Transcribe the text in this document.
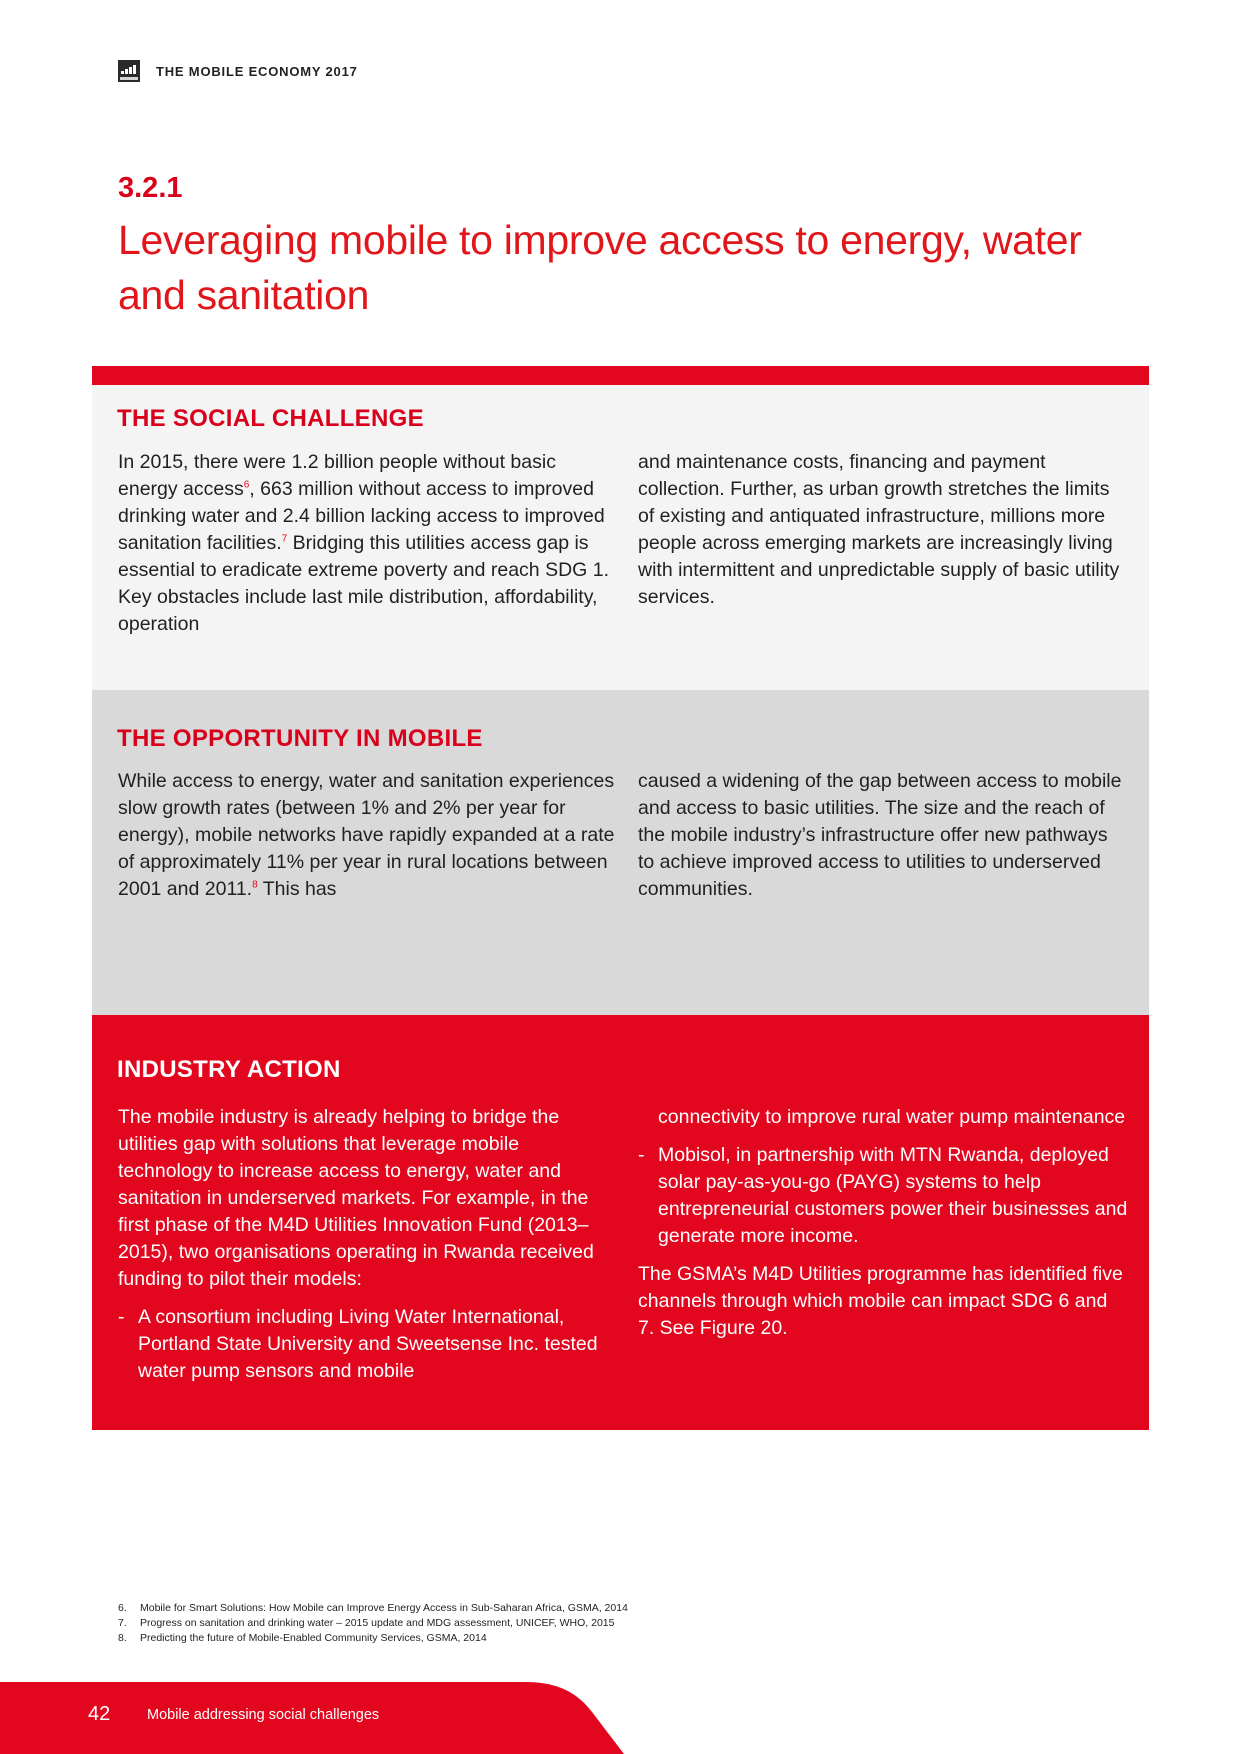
THE MOBILE ECONOMY 2017
3.2.1
Leveraging mobile to improve access to energy, water and sanitation
THE SOCIAL CHALLENGE
In 2015, there were 1.2 billion people without basic energy access$^6$, 663 million without access to improved drinking water and 2.4 billion lacking access to improved sanitation facilities.$^7$ Bridging this utilities access gap is essential to eradicate extreme poverty and reach SDG 1. Key obstacles include last mile distribution, affordability, operation
and maintenance costs, financing and payment collection. Further, as urban growth stretches the limits of existing and antiquated infrastructure, millions more people across emerging markets are increasingly living with intermittent and unpredictable supply of basic utility services.
THE OPPORTUNITY IN MOBILE
While access to energy, water and sanitation experiences slow growth rates (between 1% and 2% per year for energy), mobile networks have rapidly expanded at a rate of approximately 11% per year in rural locations between 2001 and 2011.$^8$ This has
caused a widening of the gap between access to mobile and access to basic utilities. The size and the reach of the mobile industry’s infrastructure offer new pathways to achieve improved access to utilities to underserved communities.
INDUSTRY ACTION
The mobile industry is already helping to bridge the utilities gap with solutions that leverage mobile technology to increase access to energy, water and sanitation in underserved markets. For example, in the first phase of the M4D Utilities Innovation Fund (2013–2015), two organisations operating in Rwanda received funding to pilot their models:
- A consortium including Living Water International, Portland State University and Sweetsense Inc. tested water pump sensors and mobile
connectivity to improve rural water pump maintenance
- Mobisol, in partnership with MTN Rwanda, deployed solar pay-as-you-go (PAYG) systems to help entrepreneurial customers power their businesses and generate more income.
The GSMA’s M4D Utilities programme has identified five channels through which mobile can impact SDG 6 and 7. See Figure 20.
6.	Mobile for Smart Solutions: How Mobile can Improve Energy Access in Sub-Saharan Africa, GSMA, 2014
7.	Progress on sanitation and drinking water – 2015 update and MDG assessment, UNICEF, WHO, 2015
8.	Predicting the future of Mobile-Enabled Community Services, GSMA, 2014
42	Mobile addressing social challenges
